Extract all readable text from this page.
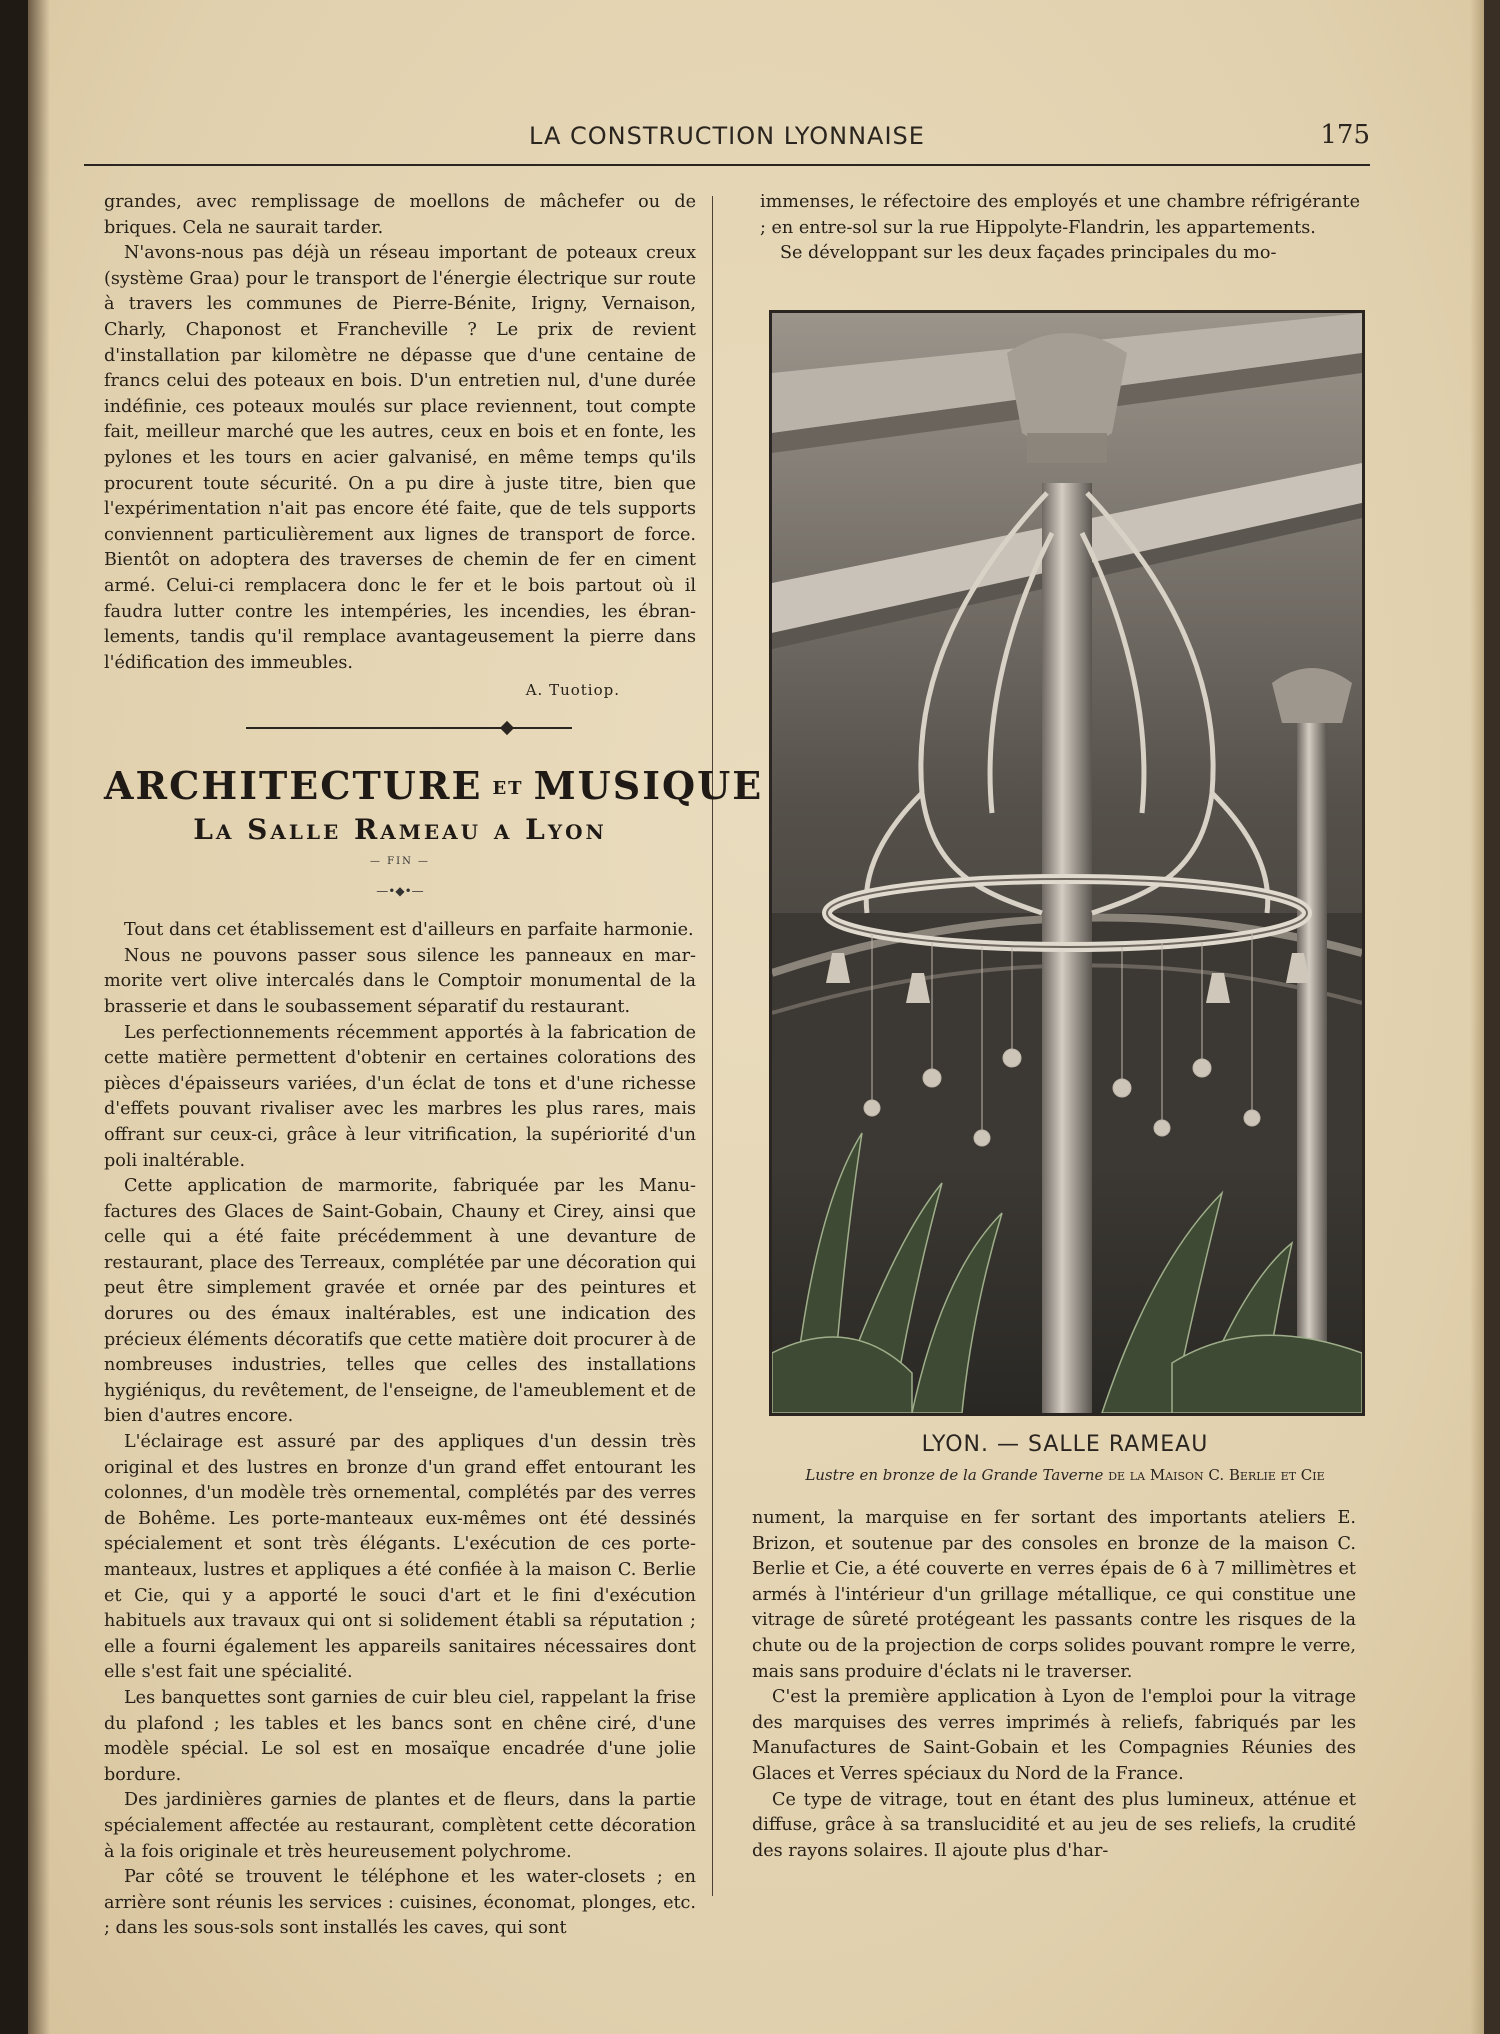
LA CONSTRUCTION LYONNAISE	175

grandes, avec remplissage de moellons de mâchefer ou de briques. Cela ne saurait tarder.

N'avons-nous pas déjà un réseau important de poteaux creux (système Graa) pour le transport de l'énergie électrique sur route à travers les communes de Pierre-Bénite, Irigny, Vernaison, Charly, Chaponost et Francheville ? Le prix de revient d'installation par kilomètre ne dépasse que d'une centaine de francs celui des poteaux en bois. D'un entretien nul, d'une durée indéfinie, ces poteaux moulés sur place reviennent, tout compte fait, meilleur marché que les autres, ceux en bois et en fonte, les pylones et les tours en acier galvanisé, en même temps qu'ils procurent toute sécurité. On a pu dire à juste titre, bien que l'expérimentation n'ait pas encore été faite, que de tels supports conviennent particulièrement aux lignes de transport de force. Bientôt on adoptera des traverses de chemin de fer en ciment armé. Celui-ci remplacera donc le fer et le bois partout où il faudra lutter contre les intempéries, les incendies, les ébranlements, tandis qu'il remplace avantageusement la pierre dans l'édification des immeubles.

A. Tuotiop.
ARCHITECTURE ET MUSIQUE
La Salle Rameau a Lyon
— FIN —
—•◆•—

Tout dans cet établissement est d'ailleurs en parfaite harmonie.

Nous ne pouvons passer sous silence les panneaux en marmorite vert olive intercalés dans le Comptoir monumental de la brasserie et dans le soubassement séparatif du restaurant.

Les perfectionnements récemment apportés à la fabrication de cette matière permettent d'obtenir en certaines colorations des pièces d'épaisseurs variées, d'un éclat de tons et d'une richesse d'effets pouvant rivaliser avec les marbres les plus rares, mais offrant sur ceux-ci, grâce à leur vitrification, la supériorité d'un poli inaltérable.

Cette application de marmorite, fabriquée par les Manufactures des Glaces de Saint-Gobain, Chauny et Cirey, ainsi que celle qui a été faite précédemment à une devanture de restaurant, place des Terreaux, complétée par une décoration qui peut être simplement gravée et ornée par des peintures et dorures ou des émaux inaltérables, est une indication des précieux éléments décoratifs que cette matière doit procurer à de nombreuses industries, telles que celles des installations hygiéniqus, du revêtement, de l'enseigne, de l'ameublement et de bien d'autres encore.

L'éclairage est assuré par des appliques d'un dessin très original et des lustres en bronze d'un grand effet entourant les colonnes, d'un modèle très ornemental, complétés par des verres de Bohême. Les porte-manteaux eux-mêmes ont été dessinés spécialement et sont très élégants. L'exécution de ces porte-manteaux, lustres et appliques a été confiée à la maison C. Berlie et Cie, qui y a apporté le souci d'art et le fini d'exécution habituels aux travaux qui ont si solidement établi sa réputation ; elle a fourni également les appareils sanitaires nécessaires dont elle s'est fait une spécialité.

Les banquettes sont garnies de cuir bleu ciel, rappelant la frise du plafond ; les tables et les bancs sont en chêne ciré, d'une modèle spécial. Le sol est en mosaïque encadrée d'une jolie bordure.

Des jardinières garnies de plantes et de fleurs, dans la partie spécialement affectée au restaurant, complètent cette décoration à la fois originale et très heureusement polychrome.

Par côté se trouvent le téléphone et les water-closets ; en arrière sont réunis les services : cuisines, économat, plonges, etc. ; dans les sous-sols sont installés les caves, qui sont

immenses, le réfectoire des employés et une chambre réfrigérante ; en entre-sol sur la rue Hippolyte-Flandrin, les appartements.

Se développant sur les deux façades principales du mo-

LYON. — SALLE RAMEAU
Lustre en bronze de la Grande Taverne de la Maison C. Berlie et Cie

nument, la marquise en fer sortant des importants ateliers E. Brizon, et soutenue par des consoles en bronze de la maison C. Berlie et Cie, a été couverte en verres épais de 6 à 7 millimètres et armés à l'intérieur d'un grillage métallique, ce qui constitue une vitrage de sûreté protégeant les passants contre les risques de la chute ou de la projection de corps solides pouvant rompre le verre, mais sans produire d'éclats ni le traverser.

C'est la première application à Lyon de l'emploi pour la vitrage des marquises des verres imprimés à reliefs, fabriqués par les Manufactures de Saint-Gobain et les Compagnies Réunies des Glaces et Verres spéciaux du Nord de la France.

Ce type de vitrage, tout en étant des plus lumineux, atténue et diffuse, grâce à sa translucidité et au jeu de ses reliefs, la crudité des rayons solaires. Il ajoute plus d'har-
